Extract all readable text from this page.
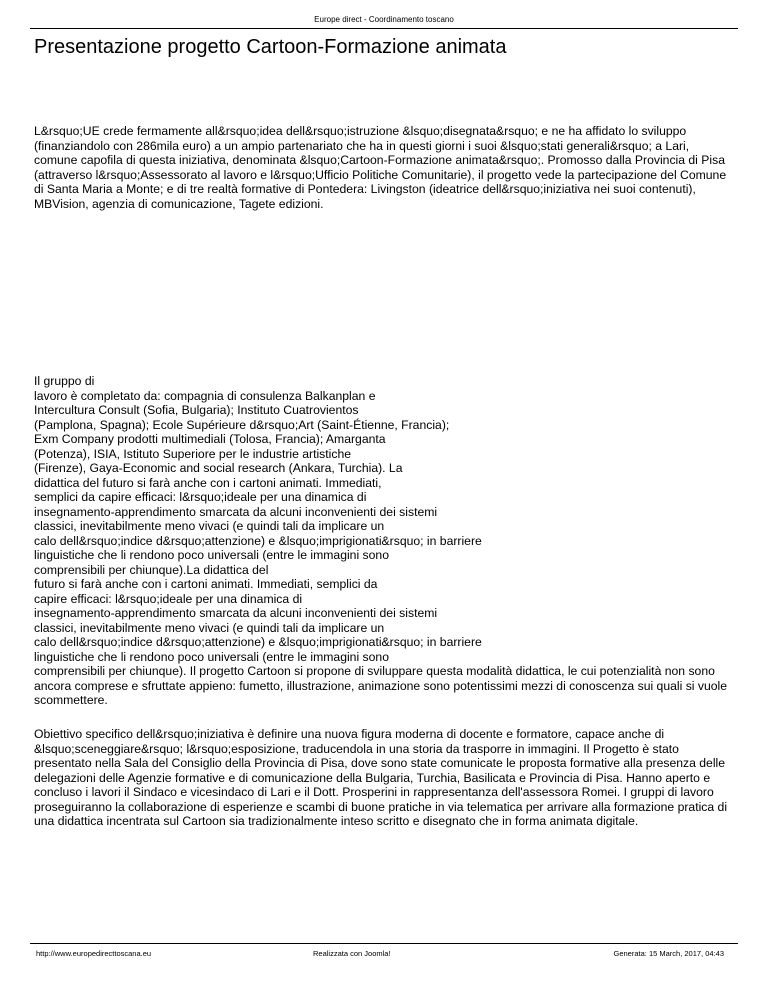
Europe direct - Coordinamento toscano
Presentazione progetto Cartoon-Formazione animata

L&rsquo;UE crede fermamente all&rsquo;idea dell&rsquo;istruzione &lsquo;disegnata&rsquo; e ne ha affidato lo sviluppo (finanziandolo con 286mila euro) a un ampio partenariato che ha in questi giorni i suoi &lsquo;stati generali&rsquo; a Lari, comune capofila di questa iniziativa, denominata &lsquo;Cartoon-Formazione animata&rsquo;. Promosso dalla Provincia di Pisa (attraverso l&rsquo;Assessorato al lavoro e l&rsquo;Ufficio Politiche Comunitarie), il progetto vede la partecipazione del Comune di Santa Maria a Monte; e di tre realtà formative di Pontedera: Livingston (ideatrice dell&rsquo;iniziativa nei suoi contenuti), MBVision, agenzia di comunicazione, Tagete edizioni.

Il gruppo di
lavoro è completato da: compagnia di consulenza Balkanplan e
Intercultura Consult (Sofia, Bulgaria); Instituto Cuatrovientos
(Pamplona, Spagna); Ecole Supérieure d&rsquo;Art (Saint-Étienne, Francia);
Exm Company prodotti multimediali (Tolosa, Francia); Amarganta
(Potenza), ISIA, Istituto Superiore per le industrie artistiche
(Firenze), Gaya-Economic and social research (Ankara, Turchia). La
didattica del futuro si farà anche con i cartoni animati. Immediati,
semplici da capire efficaci: l&rsquo;ideale per una dinamica di
insegnamento-apprendimento smarcata da alcuni inconvenienti dei sistemi
classici, inevitabilmente meno vivaci (e quindi tali da implicare un
calo dell&rsquo;indice d&rsquo;attenzione) e &lsquo;imprigionati&rsquo; in barriere
linguistiche che li rendono poco universali (entre le immagini sono
comprensibili per chiunque).La didattica del
futuro si farà anche con i cartoni animati. Immediati, semplici da
capire efficaci: l&rsquo;ideale per una dinamica di
insegnamento-apprendimento smarcata da alcuni inconvenienti dei sistemi
classici, inevitabilmente meno vivaci (e quindi tali da implicare un
calo dell&rsquo;indice d&rsquo;attenzione) e &lsquo;imprigionati&rsquo; in barriere
linguistiche che li rendono poco universali (entre le immagini sono
comprensibili per chiunque). Il progetto Cartoon si propone di sviluppare questa modalità didattica, le cui potenzialità non sono ancora comprese e sfruttate appieno: fumetto, illustrazione, animazione sono potentissimi mezzi di conoscenza sui quali si vuole scommettere.

Obiettivo specifico dell&rsquo;iniziativa è definire una nuova figura moderna di docente e formatore, capace anche di &lsquo;sceneggiare&rsquo; l&rsquo;esposizione, traducendola in una storia da trasporre in immagini. Il Progetto è stato presentato nella Sala del Consiglio della Provincia di Pisa, dove sono state comunicate le proposta formative alla presenza delle delegazioni delle Agenzie formative e di comunicazione della Bulgaria, Turchia, Basilicata e Provincia di Pisa. Hanno aperto e concluso i lavori il Sindaco e vicesindaco di Lari e il Dott. Prosperini in rappresentanza dell'assessora Romei. I gruppi di lavoro proseguiranno la collaborazione di esperienze e scambi di buone pratiche in via telematica per arrivare alla formazione pratica di una didattica incentrata sul Cartoon sia tradizionalmente inteso scritto e disegnato che in forma animata digitale.

http://www.europedirecttoscana.eu	Realizzata con Joomla!	Generata: 15 March, 2017, 04:43
